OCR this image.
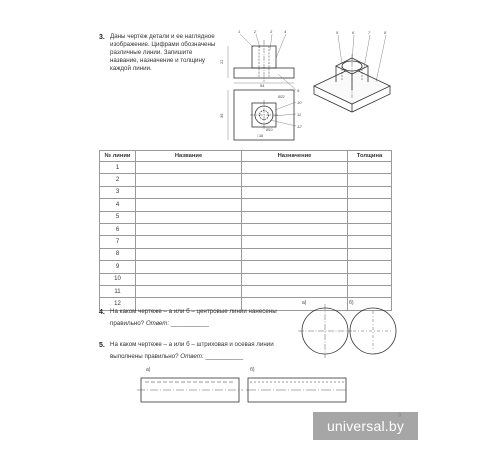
3. Даны чертеж детали и ее наглядное
изображение. Цифрами обозначены
различные линии. Запишите
название, назначение и толщину
каждой линии.
22
54
36
Ø22
Ø10
□18
1	2	3	4
9
10
11
12
5	6	7	8
№ линии	Название	Назначение	Толщина
1			
2			
3			
4			
5			
6			
7			
8			
9			
10			
11			
12			
4. На каком чертеже – а или б – центровые линии нанесены
правильно? Ответ: ___________
а)	б)
5. На каком чертеже – а или б – штриховая и осевая линии
выполнены правильно? Ответ: ___________
а)	б)
universal.by
